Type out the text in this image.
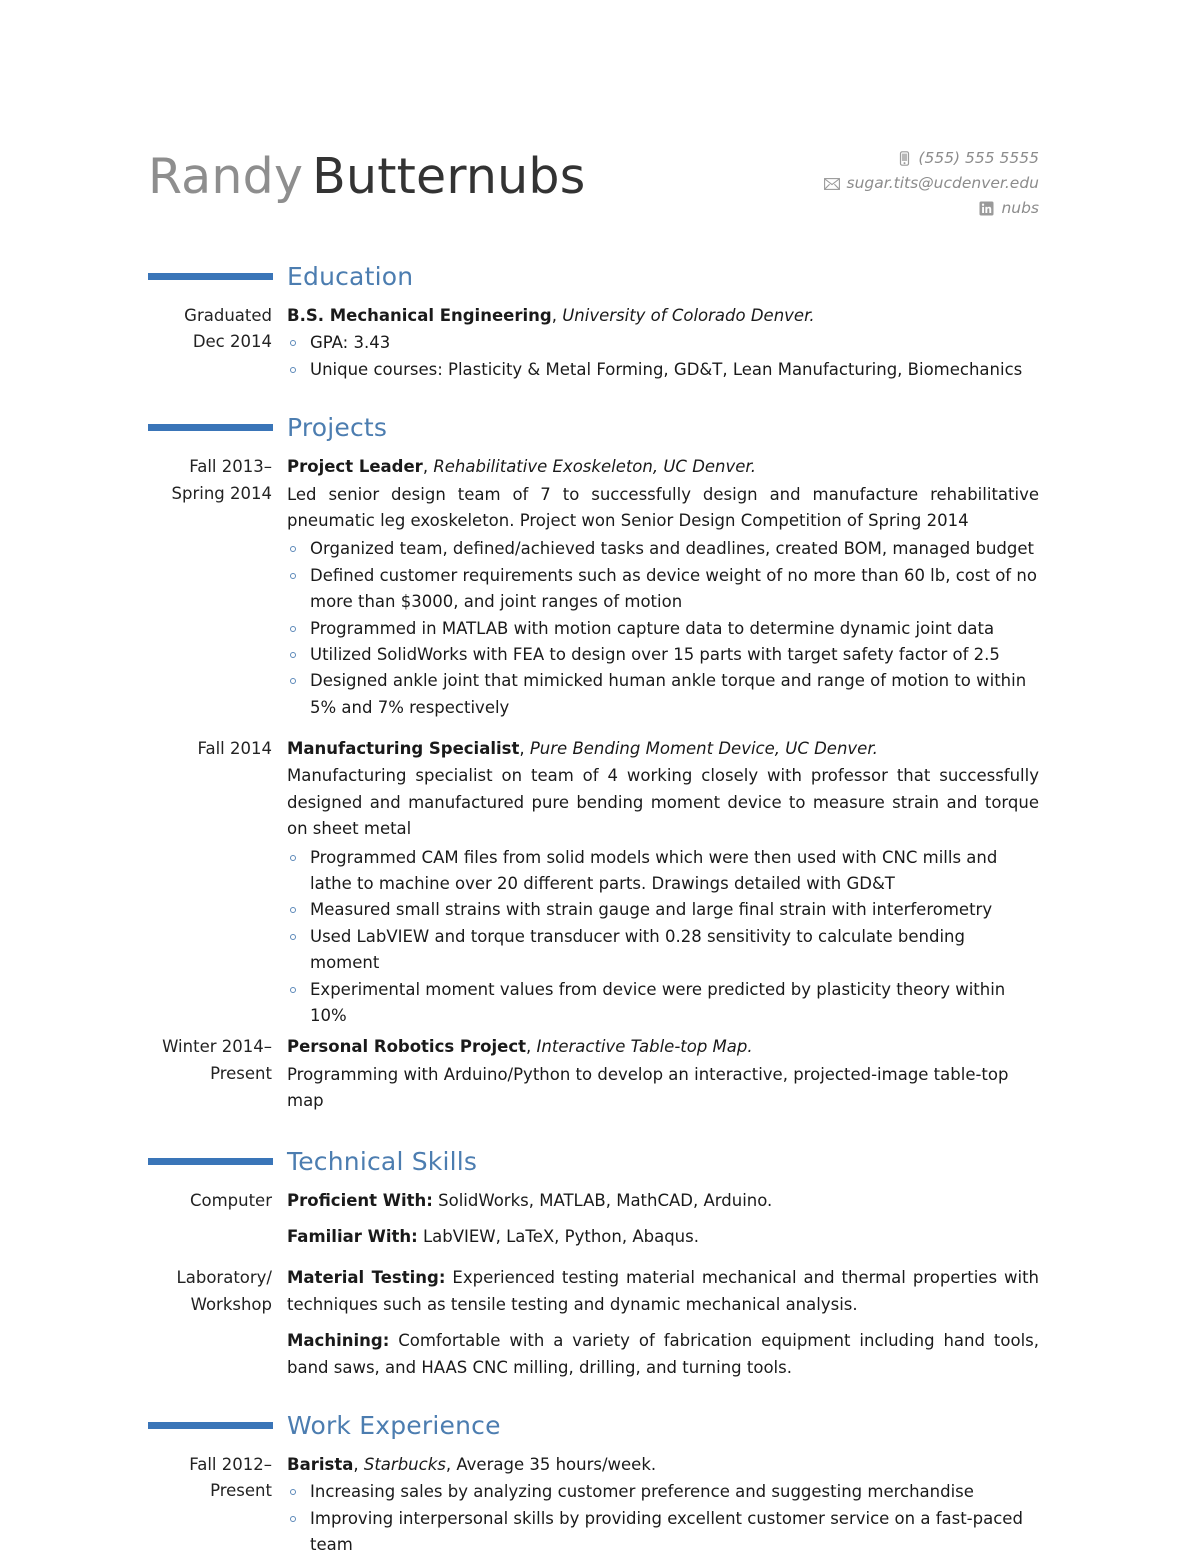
Randy Butternubs	(555) 555 5555
sugar.tits@ucdenver.edu
nubs
Education
Graduated
Dec 2014
B.S. Mechanical Engineering, University of Colorado Denver.
GPA: 3.43
Unique courses: Plasticity & Metal Forming, GD&T, Lean Manufacturing, Biomechanics
Projects
Fall 2013–
Spring 2014
Project Leader, Rehabilitative Exoskeleton, UC Denver.
Led senior design team of 7 to successfully design and manufacture rehabilitative pneumatic leg exoskeleton. Project won Senior Design Competition of Spring 2014
Organized team, defined/achieved tasks and deadlines, created BOM, managed budget
Defined customer requirements such as device weight of no more than 60 lb, cost of no more than $3000, and joint ranges of motion
Programmed in MATLAB with motion capture data to determine dynamic joint data
Utilized SolidWorks with FEA to design over 15 parts with target safety factor of 2.5
Designed ankle joint that mimicked human ankle torque and range of motion to within 5% and 7% respectively
Fall 2014 Manufacturing Specialist, Pure Bending Moment Device, UC Denver.
Manufacturing specialist on team of 4 working closely with professor that successfully designed and manufactured pure bending moment device to measure strain and torque on sheet metal
Programmed CAM files from solid models which were then used with CNC mills and lathe to machine over 20 different parts. Drawings detailed with GD&T
Measured small strains with strain gauge and large final strain with interferometry
Used LabVIEW and torque transducer with 0.28 sensitivity to calculate bending moment
Experimental moment values from device were predicted by plasticity theory within 10%
Winter 2014–
Present
Personal Robotics Project, Interactive Table-top Map.
Programming with Arduino/Python to develop an interactive, projected-image table-top map
Technical Skills
Computer Proficient With: SolidWorks, MATLAB, MathCAD, Arduino.
Familiar With: LabVIEW, LaTeX, Python, Abaqus.
Laboratory/
Workshop
Material Testing: Experienced testing material mechanical and thermal properties with techniques such as tensile testing and dynamic mechanical analysis.
Machining: Comfortable with a variety of fabrication equipment including hand tools, band saws, and HAAS CNC milling, drilling, and turning tools.
Work Experience
Fall 2012–
Present
Barista, Starbucks, Average 35 hours/week.
Increasing sales by analyzing customer preference and suggesting merchandise
Improving interpersonal skills by providing excellent customer service on a fast-paced team
